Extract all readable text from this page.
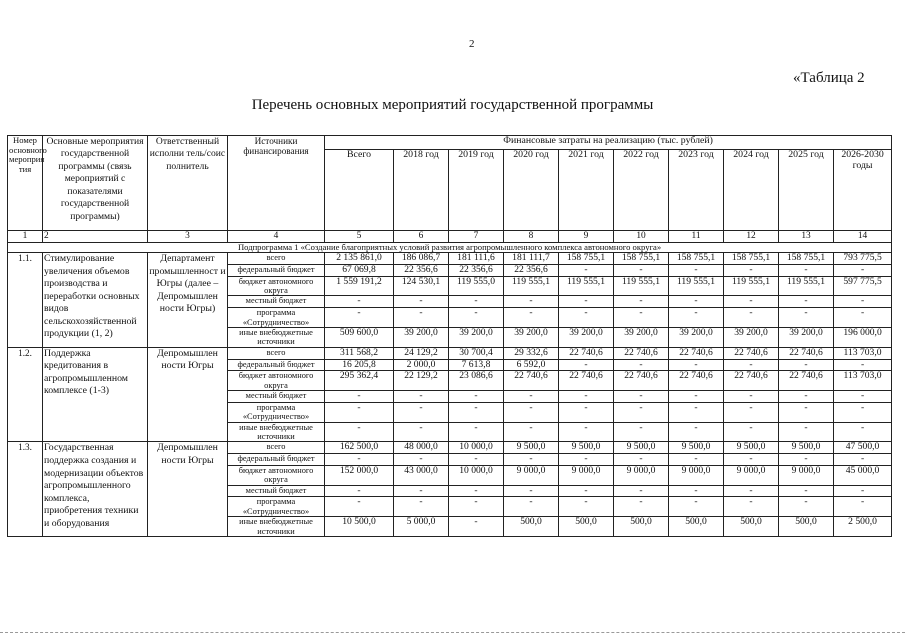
2
«Таблица 2
Перечень основных мероприятий государственной программы
Номер основного мероприя тия	Основные мероприятия государственной программы (связь мероприятий с показателями государственной программы)	Ответственный исполни тель/соис полнитель	Источники финансирования	Финансовые затраты на реализацию (тыс. рублей)									
				Всего	2018 год	2019 год	2020 год	2021 год	2022 год	2023 год	2024 год	2025 год	2026-2030 годы
1	2	3	4	5	6	7	8	9	10	11	12	13	14
Подпрограмма 1 «Создание благоприятных условий развития агропромышленного комплекса автономного округа»													
1.1.	Стимулирование увеличения объемов производства и переработки основных видов сельскохозяйственной продукции (1, 2)	Департамент промышленност и Югры (далее – Депромышлен ности Югры)	всего	2 135 861,0	186 086,7	181 111,6	181 111,7	158 755,1	158 755,1	158 755,1	158 755,1	158 755,1	793 775,5
			федеральный бюджет	67 069,8	22 356,6	22 356,6	22 356,6	-	-	-	-	-	-
			бюджет автономного округа	1 559 191,2	124 530,1	119 555,0	119 555,1	119 555,1	119 555,1	119 555,1	119 555,1	119 555,1	597 775,5
			местный бюджет	-	-	-	-	-	-	-	-	-	-
			программа «Сотрудничество»	-	-	-	-	-	-	-	-	-	-
			иные внебюджетные источники	509 600,0	39 200,0	39 200,0	39 200,0	39 200,0	39 200,0	39 200,0	39 200,0	39 200,0	196 000,0
1.2.	Поддержка кредитования в агропромышленном комплексе (1-3)	Депромышлен ности Югры	всего	311 568,2	24 129,2	30 700,4	29 332,6	22 740,6	22 740,6	22 740,6	22 740,6	22 740,6	113 703,0
			федеральный бюджет	16 205,8	2 000,0	7 613,8	6 592,0	-	-	-	-	-	-
			бюджет автономного округа	295 362,4	22 129,2	23 086,6	22 740,6	22 740,6	22 740,6	22 740,6	22 740,6	22 740,6	113 703,0
			местный бюджет	-	-	-	-	-	-	-	-	-	-
			программа «Сотрудничество»	-	-	-	-	-	-	-	-	-	-
			иные внебюджетные источники	-	-	-	-	-	-	-	-	-	-
1.3.	Государственная поддержка создания и модернизации объектов агропромышленного комплекса, приобретения техники и оборудования	Депромышлен ности Югры	всего	162 500,0	48 000,0	10 000,0	9 500,0	9 500,0	9 500,0	9 500,0	9 500,0	9 500,0	47 500,0
			федеральный бюджет	-	-	-	-	-	-	-	-	-	-
			бюджет автономного округа	152 000,0	43 000,0	10 000,0	9 000,0	9 000,0	9 000,0	9 000,0	9 000,0	9 000,0	45 000,0
			местный бюджет	-	-	-	-	-	-	-	-	-	-
			программа «Сотрудничество»	-	-	-	-	-	-	-	-	-	-
			иные внебюджетные источники	10 500,0	5 000,0	-	500,0	500,0	500,0	500,0	500,0	500,0	2 500,0
